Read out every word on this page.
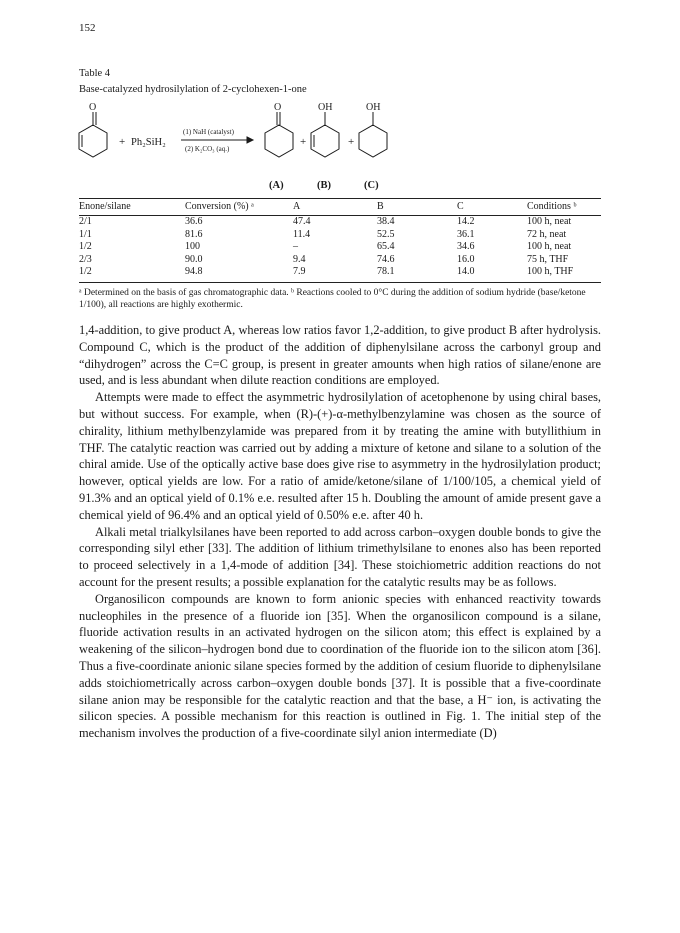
152
Table 4
Base-catalyzed hydrosilylation of 2-cyclohexen-1-one
O
+ Ph₂SiH₂
(1) NaH (catalyst)
(2) K₂CO₃ (aq.)
O
+
OH
+
OH
(A)	(B)	(C)
Enone/silane	Conversion (%) ᵃ	A	B	C	Conditions ᵇ
2/1	36.6	47.4	38.4	14.2	100 h, neat
1/1	81.6	11.4	52.5	36.1	72 h, neat
1/2	100	–	65.4	34.6	100 h, neat
2/3	90.0	9.4	74.6	16.0	75 h, THF
1/2	94.8	7.9	78.1	14.0	100 h, THF
ᵃ Determined on the basis of gas chromatographic data. ᵇ Reactions cooled to 0°C during the addition of sodium hydride (base/ketone 1/100), all reactions are highly exothermic.					

1,4-addition, to give product A, whereas low ratios favor 1,2-addition, to give product B after hydrolysis. Compound C, which is the product of the addition of diphenylsilane across the carbonyl group and “dihydrogen” across the C=C group, is present in greater amounts when high ratios of silane/enone are used, and is less abundant when dilute reaction conditions are employed.

Attempts were made to effect the asymmetric hydrosilylation of acetophenone by using chiral bases, but without success. For example, when (R)-(+)-α-methylbenzylamine was chosen as the source of chirality, lithium methylbenzylamide was prepared from it by treating the amine with butyllithium in THF. The catalytic reaction was carried out by adding a mixture of ketone and silane to a solution of the chiral amide. Use of the optically active base does give rise to asymmetry in the hydrosilylation product; however, optical yields are low. For a ratio of amide/ketone/silane of 1/100/105, a chemical yield of 91.3% and an optical yield of 0.1% e.e. resulted after 15 h. Doubling the amount of amide present gave a chemical yield of 96.4% and an optical yield of 0.50% e.e. after 40 h.

Alkali metal trialkylsilanes have been reported to add across carbon–oxygen double bonds to give the corresponding silyl ether [33]. The addition of lithium trimethylsilane to enones also has been reported to proceed selectively in a 1,4-mode of addition [34]. These stoichiometric addition reactions do not account for the present results; a possible explanation for the catalytic results may be as follows.

Organosilicon compounds are known to form anionic species with enhanced reactivity towards nucleophiles in the presence of a fluoride ion [35]. When the organosilicon compound is a silane, fluoride activation results in an activated hydrogen on the silicon atom; this effect is explained by a weakening of the silicon–hydrogen bond due to coordination of the fluoride ion to the silicon atom [36]. Thus a five-coordinate anionic silane species formed by the addition of cesium fluoride to diphenylsilane adds stoichiometrically across carbon–oxygen double bonds [37]. It is possible that a five-coordinate silane anion may be responsible for the catalytic reaction and that the base, a H⁻ ion, is activating the silicon species. A possible mechanism for this reaction is outlined in Fig. 1. The initial step of the mechanism involves the production of a five-coordinate silyl anion intermediate (D)
